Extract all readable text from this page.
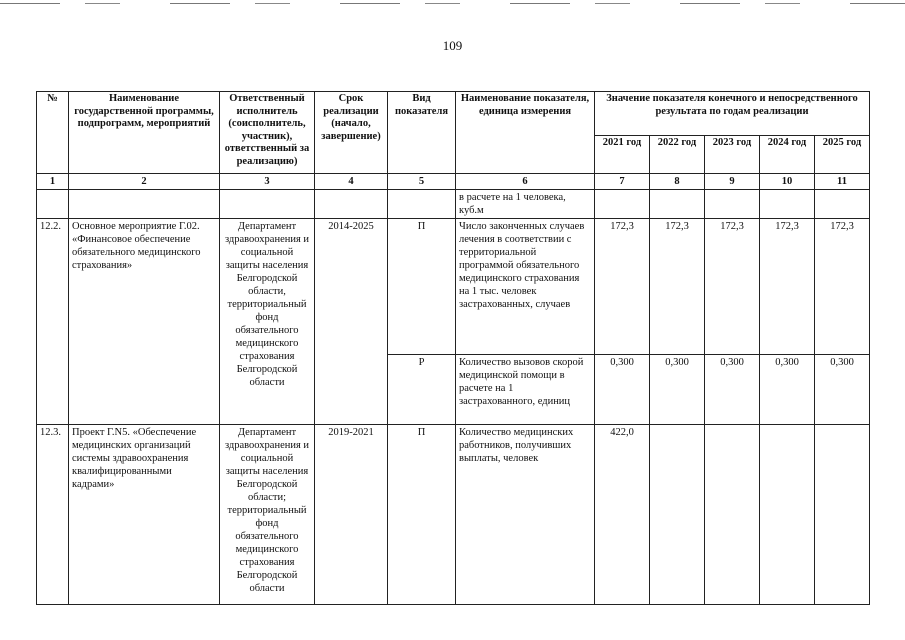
109
№	Наименование государственной программы, подпрограмм, мероприятий	Ответственный исполнитель (соисполнитель, участник), ответственный за реализацию)	Срок реализации (начало, завершение)	Вид показателя	Наименование показателя, единица измерения	Значение показателя конечного и непосредственного результата по годам реализации				
						2021 год	2022 год	2023 год	2024 год	2025 год
1	2	3	4	5	6	7	8	9	10	11
					в расчете на 1 человека, куб.м					
12.2.	Основное мероприятие Г.02. «Финансовое обеспечение обязательного медицинского страхования»	Департамент здравоохранения и социальной защиты населения Белгородской области, территориальный фонд обязательного медицинского страхования Белгородской области	2014-2025	П	Число законченных случаев лечения в соответствии с территориальной программой обязательного медицинского страхования на 1 тыс. человек застрахованных, случаев	172,3	172,3	172,3	172,3	172,3
				Р	Количество вызовов скорой медицинской помощи в расчете на 1 застрахованного, единиц	0,300	0,300	0,300	0,300	0,300
12.3.	Проект Г.N5. «Обеспечение медицинских организаций системы здравоохранения квалифицированными кадрами»	Департамент здравоохранения и социальной защиты населения Белгородской области; территориальный фонд обязательного медицинского страхования Белгородской области	2019-2021	П	Количество медицинских работников, получивших выплаты, человек	422,0				
